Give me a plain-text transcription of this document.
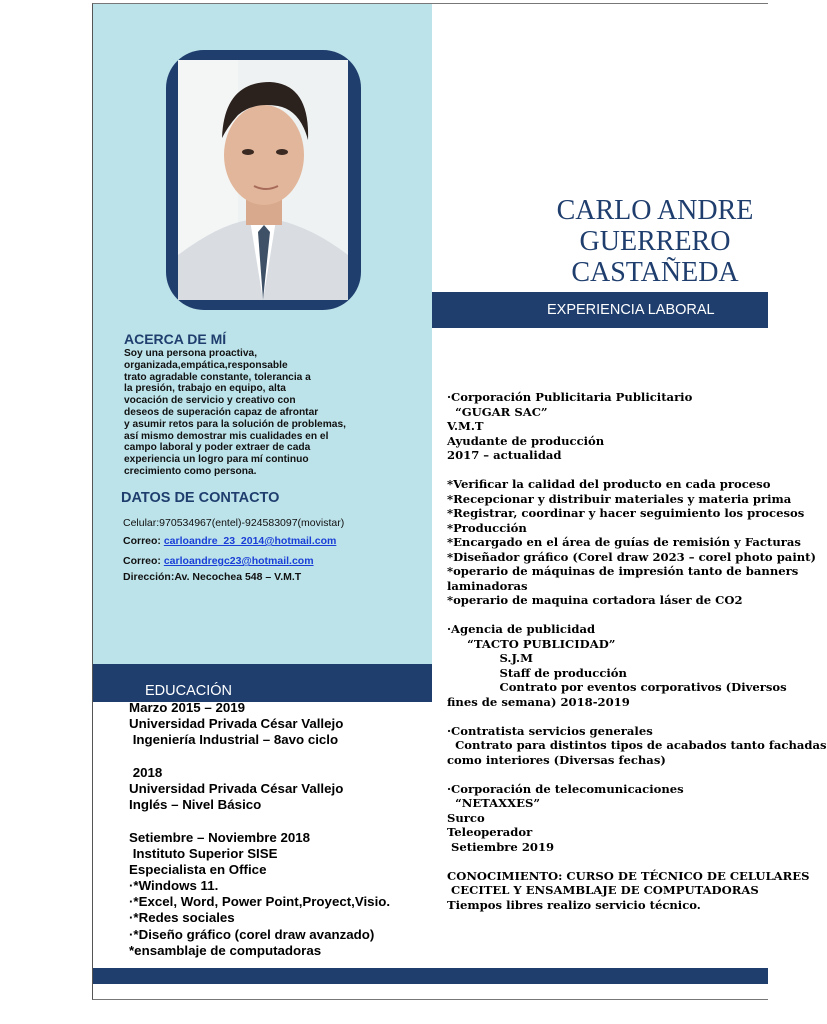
CARLO ANDRE
GUERRERO
CASTAÑEDA
ACERCA DE MÍ
Soy una persona proactiva,
organizada,empática,responsable
trato agradable constante, tolerancia a
la presión, trabajo en equipo, alta
vocación de servicio y creativo con
deseos de superación capaz de afrontar
y asumir retos para la solución de problemas,
así mismo demostrar mis cualidades en el
campo laboral y poder extraer de cada
experiencia un logro para mí continuo
crecimiento como persona.
DATOS DE CONTACTO
Celular:970534967(entel)-924583097(movistar)
Correo: carloandre_23_2014@hotmail.com
Correo: carloandregc23@hotmail.com
Dirección:Av. Necochea 548 – V.M.T
EXPERIENCIA LABORAL
·Corporación Publicitaria Publicitario
“GUGAR SAC”
V.M.T
Ayudante de producción
2017 – actualidad
*Verificar la calidad del producto en cada proceso
*Recepcionar y distribuir materiales y materia prima
*Registrar, coordinar y hacer seguimiento los procesos
*Producción
*Encargado en el área de guías de remisión y Facturas
*Diseñador gráfico (Corel draw 2023 – corel photo paint)
*operario de máquinas de impresión tanto de banners
laminadoras
*operario de maquina cortadora láser de CO2
·Agencia de publicidad
“TACTO PUBLICIDAD”
S.J.M
Staff de producción
Contrato por eventos corporativos (Diversos
fines de semana) 2018-2019
·Contratista servicios generales
Contrato para distintos tipos de acabados tanto fachadas
como interiores (Diversas fechas)
·Corporación de telecomunicaciones
“NETAXXES”
Surco
Teleoperador
Setiembre 2019
CONOCIMIENTO: CURSO DE TÉCNICO DE CELULARES
CECITEL Y ENSAMBLAJE DE COMPUTADORAS
Tiempos libres realizo servicio técnico.
EDUCACIÓN
Marzo 2015 – 2019
Universidad Privada César Vallejo
Ingeniería Industrial – 8avo ciclo
2018
Universidad Privada César Vallejo
Inglés – Nivel Básico
Setiembre – Noviembre 2018
Instituto Superior SISE
Especialista en Office
·*Windows 11.
·*Excel, Word, Power Point,Proyect,Visio.
·*Redes sociales
·*Diseño gráfico (corel draw avanzado)
*ensamblaje de computadoras
